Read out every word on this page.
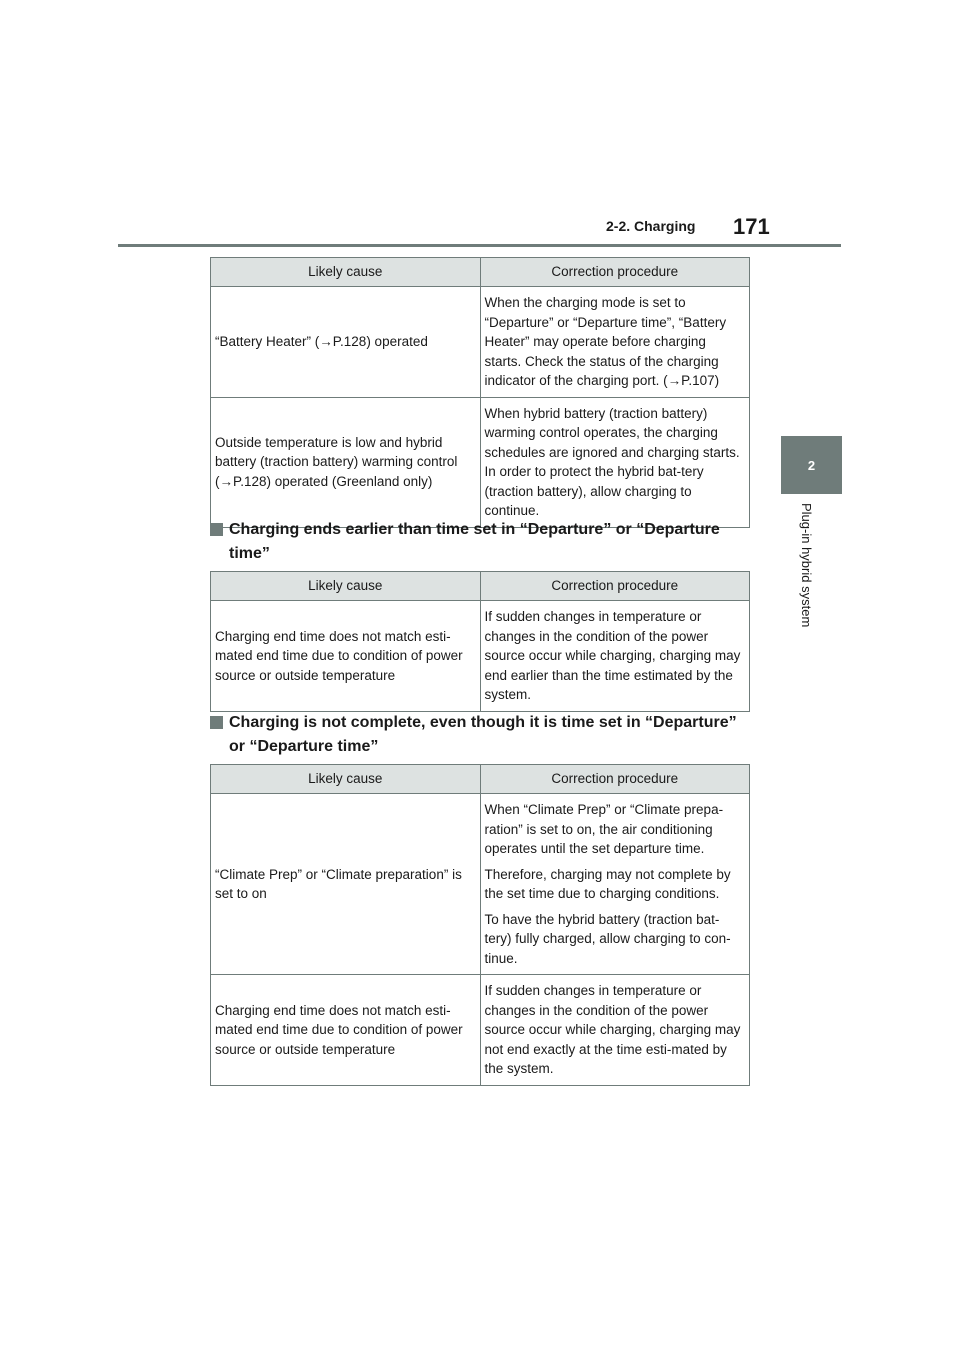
2-2. Charging 171
2
Plug-in hybrid system
Likely cause	Correction procedure
“Battery Heater” (→P.128) operated	When the charging mode is set to “Departure” or “Departure time”, “Battery Heater” may operate before charging starts. Check the status of the charging indicator of the charging port. (→P.107)

Outside temperature is low and hybrid battery (traction battery) warming control (→P.128) operated (Greenland only)	When hybrid battery (traction battery) warming control operates, the charging schedules are ignored and charging starts. In order to protect the hybrid bat-tery (traction battery), allow charging to continue.

Charging ends earlier than time set in “Departure” or “Departure time”
Likely cause	Correction procedure
Charging end time does not match esti-mated end time due to condition of power source or outside temperature	If sudden changes in temperature or changes in the condition of the power source occur while charging, charging may end earlier than the time estimated by the system.

Charging is not complete, even though it is time set in “Departure” or “Departure time”
Likely cause	Correction procedure
“Climate Prep” or “Climate preparation” is set to on	When “Climate Prep” or “Climate prepa-ration” is set to on, the air conditioning operates until the set departure time.

Therefore, charging may not complete by the set time due to charging conditions.

To have the hybrid battery (traction bat-tery) fully charged, allow charging to con-tinue.

Charging end time does not match esti-mated end time due to condition of power source or outside temperature	If sudden changes in temperature or changes in the condition of the power source occur while charging, charging may not end exactly at the time esti-mated by the system.
